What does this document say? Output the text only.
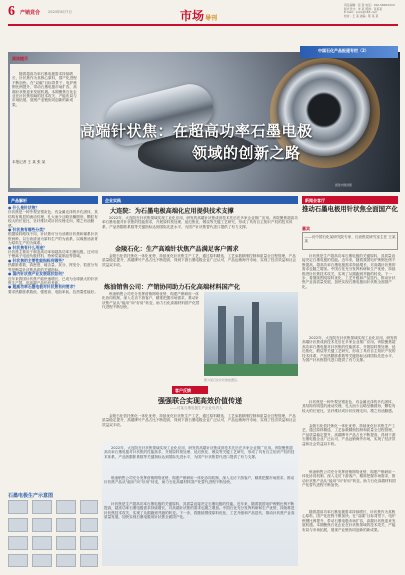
6 产销竞合 2024年8月7日	市场导刊
责任编辑：张 某 电话：010-5600XXXX
版式设计：朱 某 照排：张某某
E-mail：xxxx@163.com
校对：王 某 美编：陈 某 某
中国石化产品报道专栏（2）
高端针状焦：在超高功率石墨电极
领域的创新之路
视觉中国供图
随着超高功率石墨电极需求持续增长，针状焦作为其核心原料，国产化进程不断加快。在“双碳”目标背景下，电炉炼钢比例提升，带动石墨电极市场扩容，高端针状焦迎来发展机遇。本期聚焦石化企业在针状焦领域的技术攻关、产能布局与市场拓展，展现产业链协同创新的新成果。
本报记者 王 某 张 某
阅读提示
产品解析
● 什么是针状焦？
针状焦是一种外观呈银灰色、有金属光泽的多孔固体，其结构有明显的流动纹理，孔大而少且略呈椭圆形，颗粒有较大的长宽比，呈纤维状或针状纹理走向，摸之有油脂感。
● 针状焦有哪些分类？
根据原料路线不同，针状焦可分为油系针状焦和煤系针状焦两种。以石油渣油为原料生产的为油系，以煤焦油沥青为原料生产的为煤系。
● 针状焦有什么用途？
针状焦主要用于制造高功率和超高功率石墨电极，还可用于锂离子电池负极材料、特种炭素制品等领域。
● 针状焦的主要性能指标有哪些？
热膨胀系数、真密度、硫含量、灰分、挥发分、粒度分布等是衡量针状焦品质的关键指标。
● 国内针状焦产业发展现状如何？
近年来我国针状焦产能快速增长，已成为全球最大的针状焦生产国，但高端产品仍有差距。
● 超高功率石墨电极对针状焦有何要求？
要求热膨胀系数低、强度高、电阻率低、抗热震性能好。
石墨电极生产示意图
企业实践
大连院：为石墨电极高端化应用提供技术支撑
2022年，大连院在针状焦领域实现工业化应用，研发的高端针状焦成套技术先后在多家企业推广应用。该院聚焦超高功率石墨电极对针状焦的性能需求，开展原料预处理、延迟焦化、煅烧等关键工艺研究，形成了具有自主知识产权的技术体系，产品热膨胀系数等关键指标达到国际先进水平，为国产针状焦替代进口提供了有力支撑。
金陵石化：生产高端针状焦产品满足客户需求
金陵石化依托炼化一体化优势，持续优化针状焦生产工艺，通过原料精选、工艺参数精细控制和质量全过程管理，产品质量稳定提升，高端牌号产品占比不断提高，得到下游石墨电极企业广泛认可，产品远销海外市场，实现了经济效益和社会效益双丰收。
炼油销售公司：产销协同助力石化高端材料国产化
炼油销售公司充分发挥营销网络优势，构建产销研用一体化协同机制，深入走访下游客户，精准把握市场需求，推动针状焦产品从“能用”向“好用”转变，助力石化高端材料国产化替代进程不断加快。
图为某石化针状焦装置区。
客户反馈
强强联合实现高效价值传递
——访某石墨电极生产企业负责人
金陵石化依托炼化一体化优势，持续优化针状焦生产工艺，通过原料精选、工艺参数精细控制和质量全过程管理，产品质量稳定提升，高端牌号产品占比不断提高，得到下游石墨电极企业广泛认可，产品远销海外市场，实现了经济效益和社会效益双丰收。
2022年，大连院在针状焦领域实现工业化应用，研发的高端针状焦成套技术先后在多家企业推广应用。该院聚焦超高功率石墨电极对针状焦的性能需求，开展原料预处理、延迟焦化、煅烧等关键工艺研究，形成了具有自主知识产权的技术体系，产品热膨胀系数等关键指标达到国际先进水平，为国产针状焦替代进口提供了有力支撑。
炼油销售公司充分发挥营销网络优势，构建产销研用一体化协同机制，深入走访下游客户，精准把握市场需求，推动针状焦产品从“能用”向“好用”转变，助力石化高端材料国产化替代进程不断加快。
针状焦是生产超高功率石墨电极的关键原料，其质量直接决定石墨电极的性能。近年来，随着我国电炉炼钢比例不断提高，超高功率石墨电极需求持续增长，对高端针状焦的需求也随之增加。中国石化充分发挥科研和生产优势，持续推进针状焦技术攻关，实现了从跟跑到并跑的转变。下一步，将继续围绕原料优化、工艺升级和产品迭代，推动针状焦产业高质量发展，加快实现石墨电极用针状焦全面国产化。
新闻会客厅
推动石墨电极用针状焦全面国产化
嘉宾
——访中国石化某研究院专家、石油焦炭研究室主任 王某某
针状焦是生产超高功率石墨电极的关键原料，其质量直接决定石墨电极的性能。近年来，随着我国电炉炼钢比例不断提高，超高功率石墨电极需求持续增长，对高端针状焦的需求也随之增加。中国石化充分发挥科研和生产优势，持续推进针状焦技术攻关，实现了从跟跑到并跑的转变。下一步，将继续围绕原料优化、工艺升级和产品迭代，推动针状焦产业高质量发展，加快实现石墨电极用针状焦全面国产化。
2022年，大连院在针状焦领域实现工业化应用，研发的高端针状焦成套技术先后在多家企业推广应用。该院聚焦超高功率石墨电极对针状焦的性能需求，开展原料预处理、延迟焦化、煅烧等关键工艺研究，形成了具有自主知识产权的技术体系，产品热膨胀系数等关键指标达到国际先进水平，为国产针状焦替代进口提供了有力支撑。
针状焦是一种外观呈银灰色、有金属光泽的多孔固体，其结构有明显的流动纹理，孔大而少且略呈椭圆形，颗粒有较大的长宽比，呈纤维状或针状纹理走向，摸之有油脂感。
金陵石化依托炼化一体化优势，持续优化针状焦生产工艺，通过原料精选、工艺参数精细控制和质量全过程管理，产品质量稳定提升，高端牌号产品占比不断提高，得到下游石墨电极企业广泛认可，产品远销海外市场，实现了经济效益和社会效益双丰收。
炼油销售公司充分发挥营销网络优势，构建产销研用一体化协同机制，深入走访下游客户，精准把握市场需求，推动针状焦产品从“能用”向“好用”转变，助力石化高端材料国产化替代进程不断加快。
随着超高功率石墨电极需求持续增长，针状焦作为其核心原料，国产化进程不断加快。在“双碳”目标背景下，电炉炼钢比例提升，带动石墨电极市场扩容，高端针状焦迎来发展机遇。本期聚焦石化企业在针状焦领域的技术攻关、产能布局与市场拓展，展现产业链协同创新的新成果。
